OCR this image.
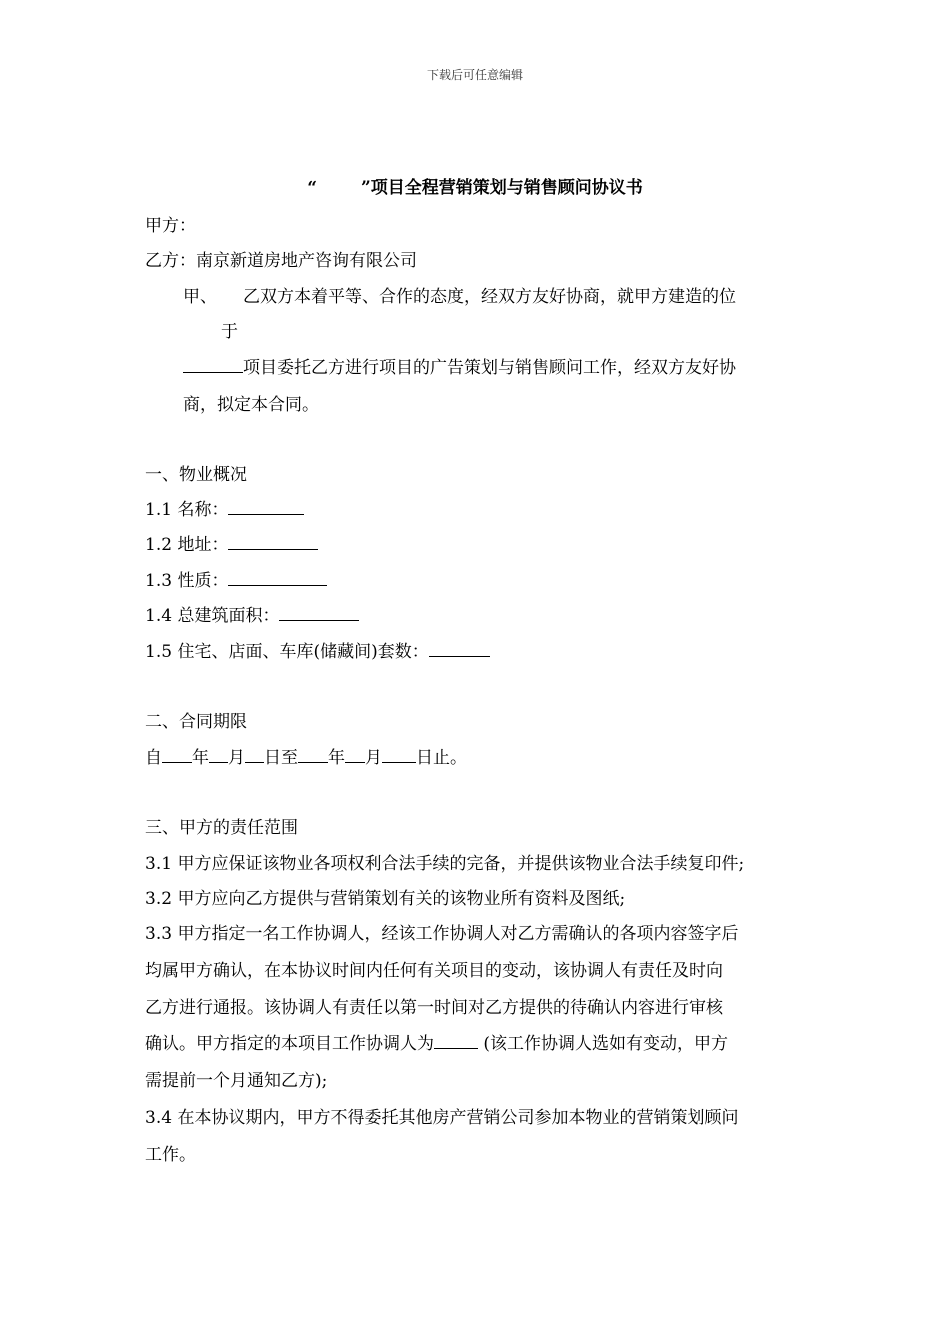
下载后可任意编辑
“	”项目全程营销策划与销售顾问协议书
甲方：
乙方：南京新道房地产咨询有限公司
甲、 乙双方本着平等、合作的态度，经双方友好协商，就甲方建造的位
于
项目委托乙方进行项目的广告策划与销售顾问工作，经双方友好协
商，拟定本合同。
一、物业概况
1.1 名称：
1.2 地址：
1.3 性质：
1.4 总建筑面积：
1.5 住宅、店面、车库(储藏间)套数：
二、合同期限
自 年 月 日至 年 月 日止。
三、甲方的责任范围
3.1 甲方应保证该物业各项权利合法手续的完备，并提供该物业合法手续复印件;
3.2 甲方应向乙方提供与营销策划有关的该物业所有资料及图纸;
3.3 甲方指定一名工作协调人，经该工作协调人对乙方需确认的各项内容签字后
均属甲方确认，在本协议时间内任何有关项目的变动，该协调人有责任及时向
乙方进行通报。该协调人有责任以第一时间对乙方提供的待确认内容进行审核
确认。甲方指定的本项目工作协调人为	(该工作协调人选如有变动，甲方
需提前一个月通知乙方);
3.4 在本协议期内，甲方不得委托其他房产营销公司参加本物业的营销策划顾问
工作。
